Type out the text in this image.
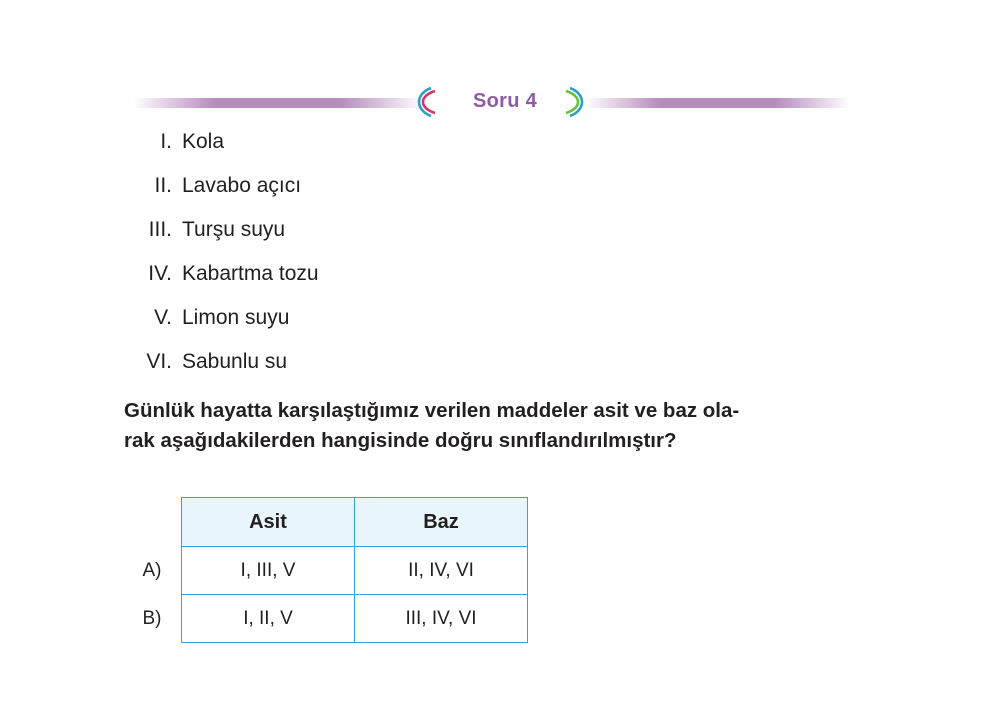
Soru 4
I. Kola
II. Lavabo açıcı
III. Turşu suyu
IV. Kabartma tozu
V. Limon suyu
VI. Sabunlu su
Günlük hayatta karşılaştığımız verilen maddeler asit ve baz ola-
rak aşağıdakilerden hangisinde doğru sınıflandırılmıştır?
	Asit	Baz
A)	I, III, V	II, IV, VI
B)	I, II, V	III, IV, VI
